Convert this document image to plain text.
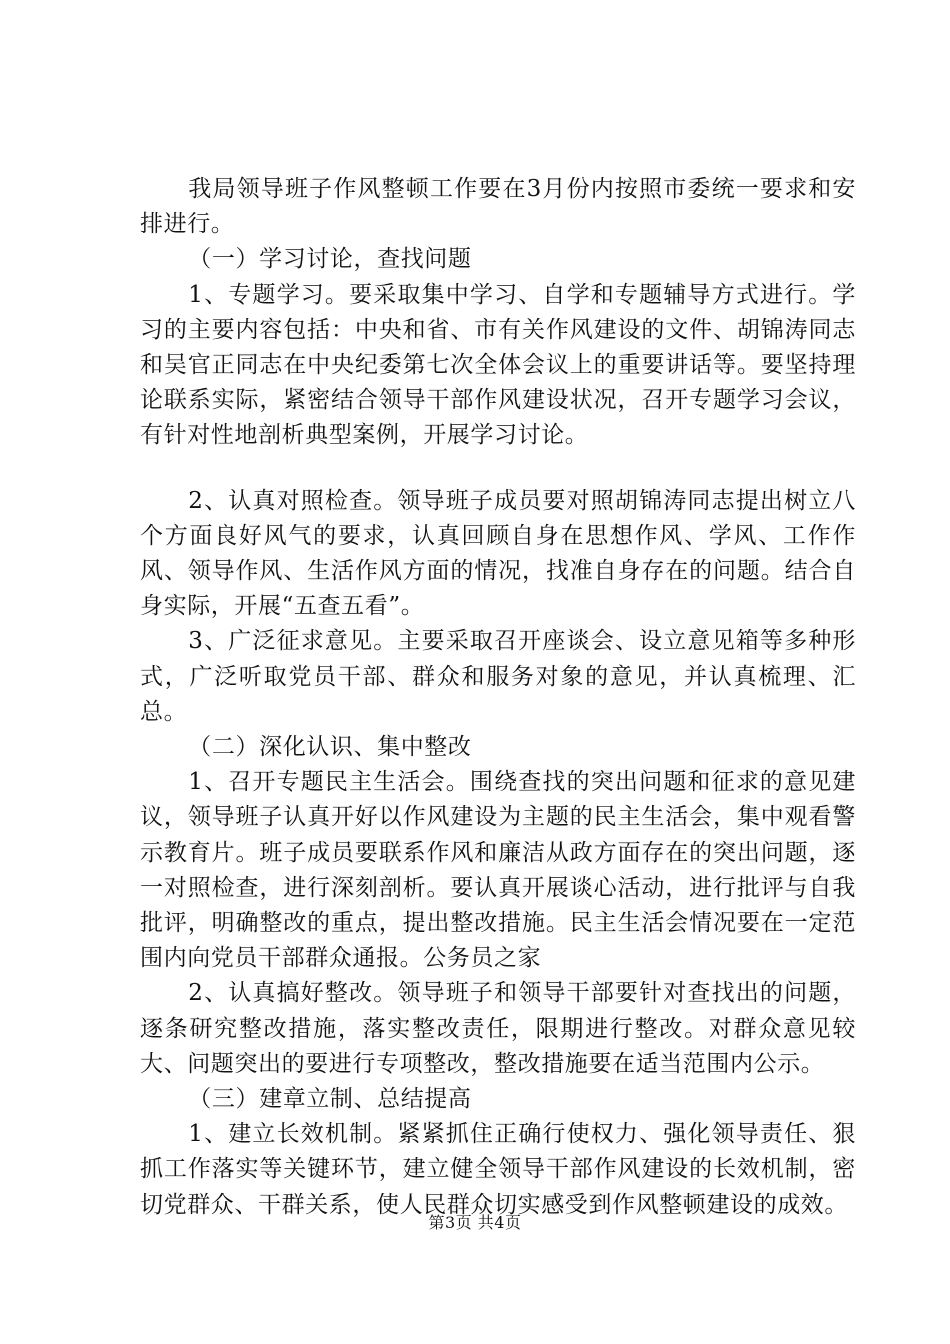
我局领导班子作风整顿工作要在3月份内按照市委统一要求和安排进行。

（一）学习讨论，查找问题

1、专题学习。要采取集中学习、自学和专题辅导方式进行。学习的主要内容包括：中央和省、市有关作风建设的文件、胡锦涛同志和吴官正同志在中央纪委第七次全体会议上的重要讲话等。要坚持理论联系实际，紧密结合领导干部作风建设状况，召开专题学习会议，有针对性地剖析典型案例，开展学习讨论。

2、认真对照检查。领导班子成员要对照胡锦涛同志提出树立八个方面良好风气的要求，认真回顾自身在思想作风、学风、工作作风、领导作风、生活作风方面的情况，找准自身存在的问题。结合自身实际，开展“五查五看”。

3、广泛征求意见。主要采取召开座谈会、设立意见箱等多种形式，广泛听取党员干部、群众和服务对象的意见，并认真梳理、汇总。

（二）深化认识、集中整改

1、召开专题民主生活会。围绕查找的突出问题和征求的意见建议，领导班子认真开好以作风建设为主题的民主生活会，集中观看警示教育片。班子成员要联系作风和廉洁从政方面存在的突出问题，逐一对照检查，进行深刻剖析。要认真开展谈心活动，进行批评与自我批评，明确整改的重点，提出整改措施。民主生活会情况要在一定范围内向党员干部群众通报。公务员之家

2、认真搞好整改。领导班子和领导干部要针对查找出的问题，逐条研究整改措施，落实整改责任，限期进行整改。对群众意见较大、问题突出的要进行专项整改，整改措施要在适当范围内公示。

（三）建章立制、总结提高

1、建立长效机制。紧紧抓住正确行使权力、强化领导责任、狠抓工作落实等关键环节，建立健全领导干部作风建设的长效机制，密切党群众、干群关系，使人民群众切实感受到作风整顿建设的成效。

第3页 共4页
